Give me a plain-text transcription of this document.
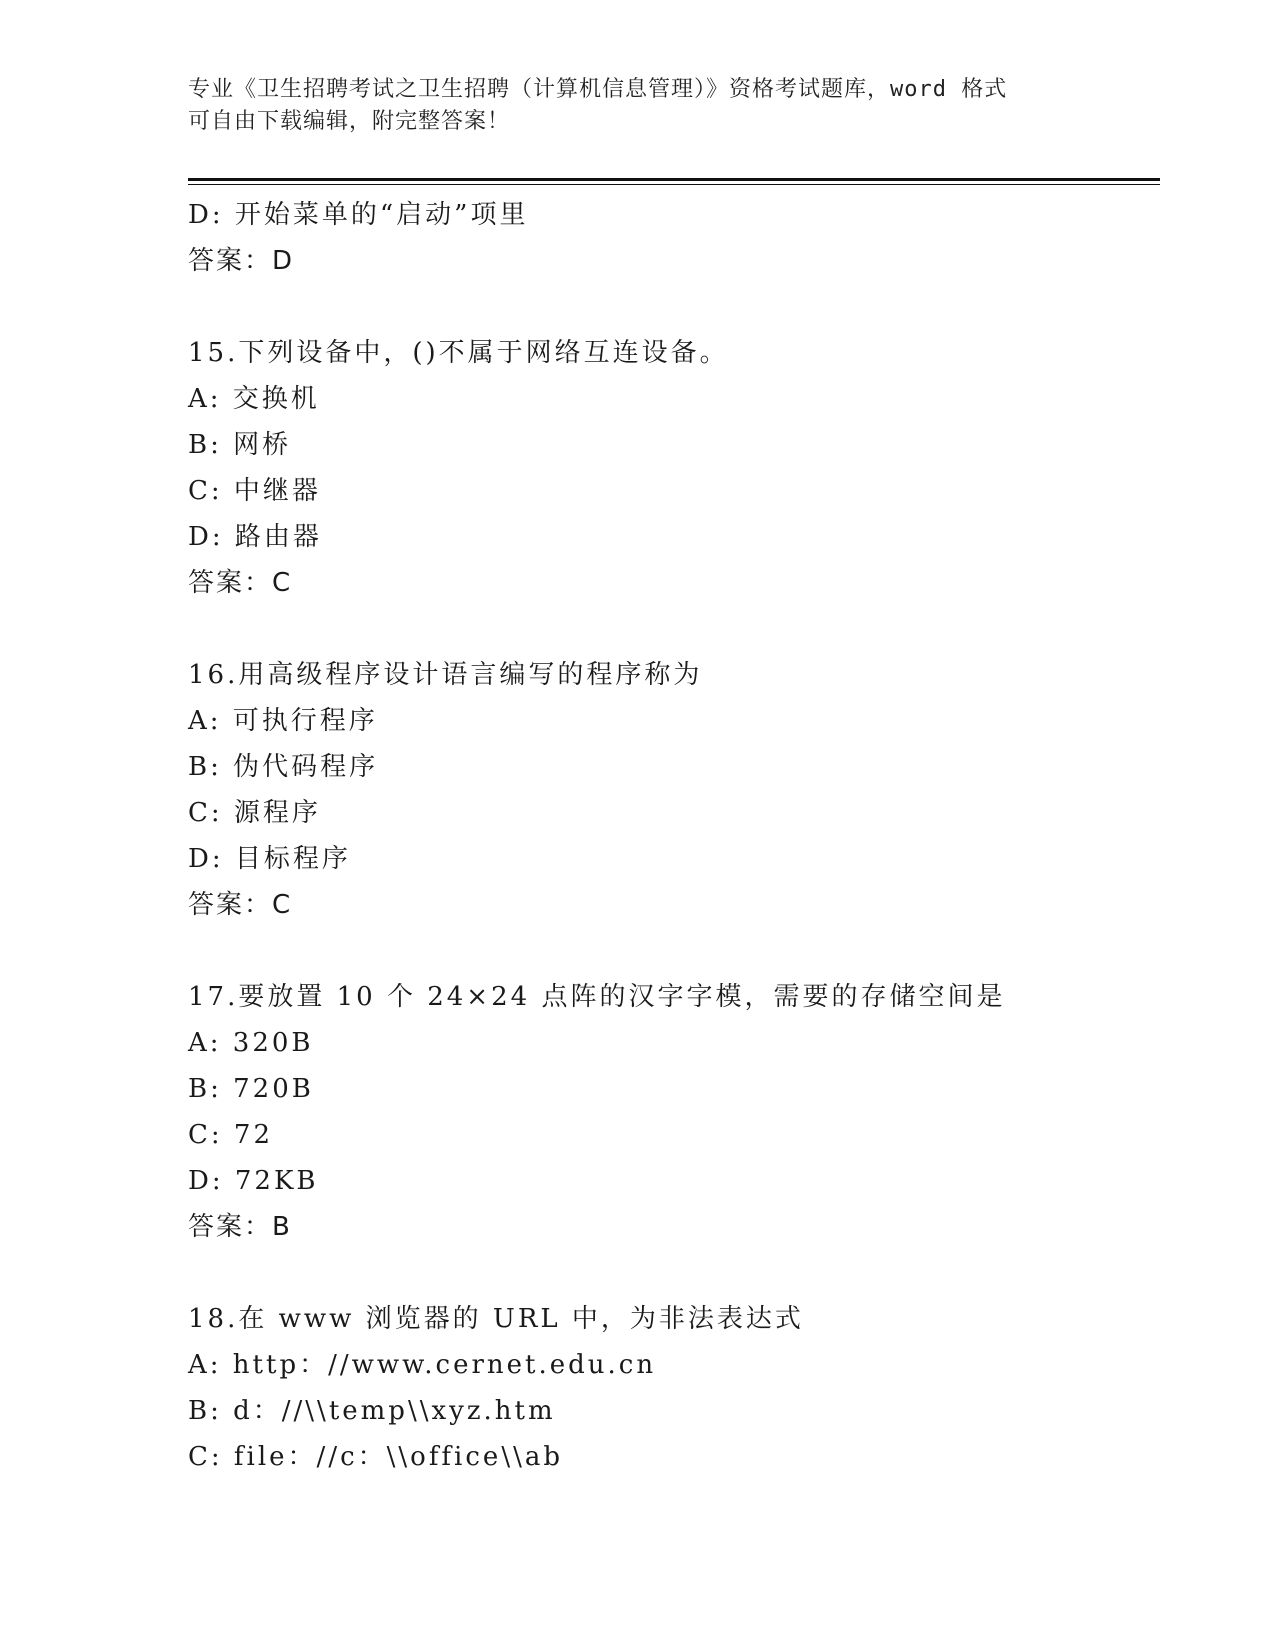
专业《卫生招聘考试之卫生招聘（计算机信息管理）》资格考试题库，word 格式
可自由下载编辑，附完整答案！
D: 开始菜单的“启动”项里
答案：D
15.下列设备中，()不属于网络互连设备。
A: 交换机
B: 网桥
C: 中继器
D: 路由器
答案：C
16.用高级程序设计语言编写的程序称为
A: 可执行程序
B: 伪代码程序
C: 源程序
D: 目标程序
答案：C
17.要放置 10 个 24×24 点阵的汉字字模，需要的存储空间是
A: 320B
B: 720B
C: 72
D: 72KB
答案：B
18.在 www 浏览器的 URL 中，为非法表达式
A: http：//www.cernet.edu.cn
B: d：//\\temp\\xyz.htm
C: file：//c：\\office\\ab
